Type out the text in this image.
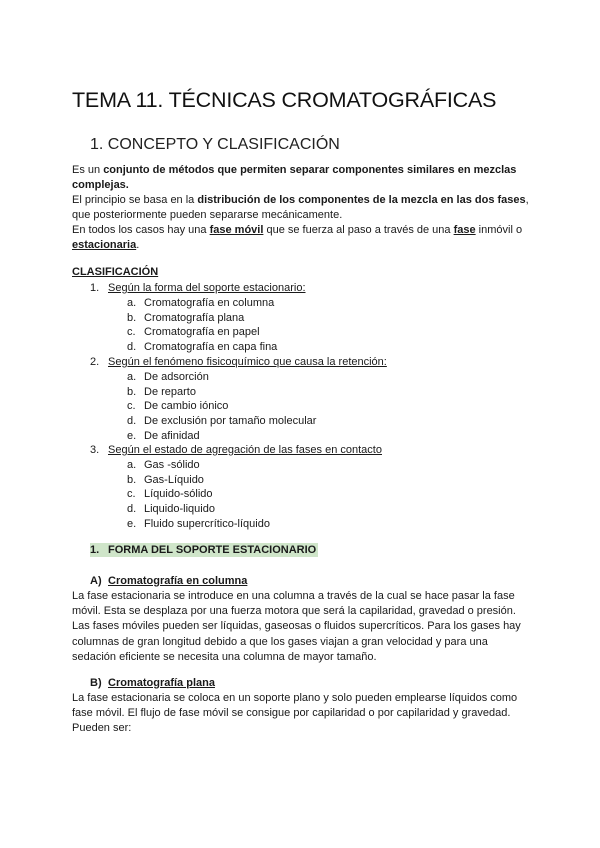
TEMA 11. TÉCNICAS CROMATOGRÁFICAS
1. CONCEPTO Y CLASIFICACIÓN
Es un conjunto de métodos que permiten separar componentes similares en mezclas complejas.
El principio se basa en la distribución de los componentes de la mezcla en las dos fases, que posteriormente pueden separarse mecánicamente.
En todos los casos hay una fase móvil que se fuerza al paso a través de una fase inmóvil o estacionaria.
CLASIFICACIÓN
1. Según la forma del soporte estacionario:
a. Cromatografía en columna
b. Cromatografía plana
c. Cromatografía en papel
d. Cromatografía en capa fina
2. Según el fenómeno fisicoquímico que causa la retención:
a. De adsorción
b. De reparto
c. De cambio iónico
d. De exclusión por tamaño molecular
e. De afinidad
3. Según el estado de agregación de las fases en contacto
a. Gas -sólido
b. Gas-Líquido
c. Líquido-sólido
d. Liquido-liquido
e. Fluido supercrítico-líquido
1. FORMA DEL SOPORTE ESTACIONARIO
A) Cromatografía en columna
La fase estacionaria se introduce en una columna a través de la cual se hace pasar la fase móvil. Esta se desplaza por una fuerza motora que será la capilaridad, gravedad o presión. Las fases móviles pueden ser líquidas, gaseosas o fluidos supercríticos. Para los gases hay columnas de gran longitud debido a que los gases viajan a gran velocidad y para una sedación eficiente se necesita una columna de mayor tamaño.
B) Cromatografía plana
La fase estacionaria se coloca en un soporte plano y solo pueden emplearse líquidos como fase móvil. El flujo de fase móvil se consigue por capilaridad o por capilaridad y gravedad. Pueden ser:
